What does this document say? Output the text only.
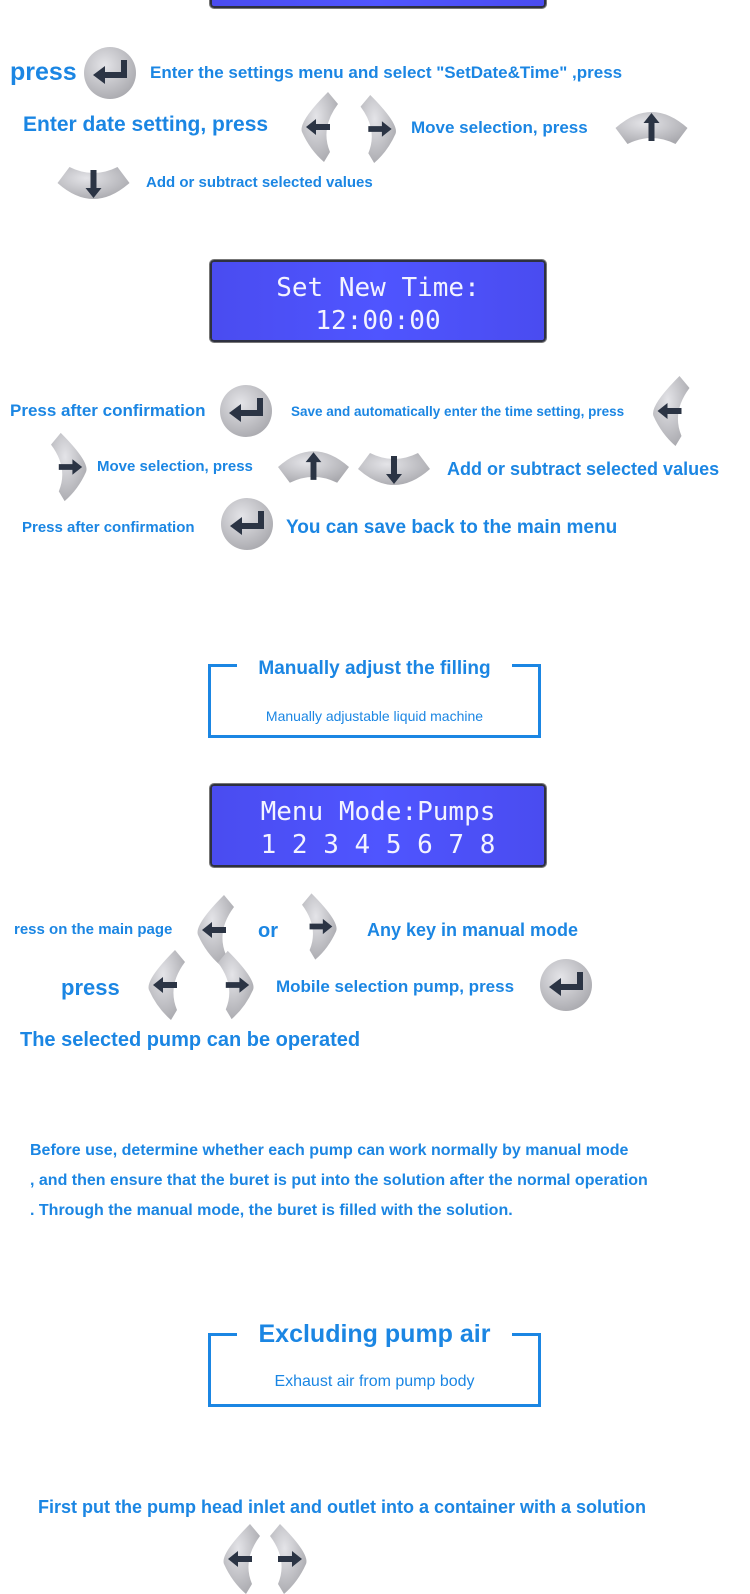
press	Enter the settings menu and select "SetDate&Time" ,press
Enter date setting, press	Move selection, press
Add or subtract selected values
Set New Time:
12:00:00
Press after confirmation	Save and automatically enter the time setting, press
Move selection, press	Add or subtract selected values
Press after confirmation	You can save back to the main menu
Manually adjust the filling
Manually adjustable liquid machine
Menu Mode:Pumps
1 2 3 4 5 6 7 8
ress on the main page	or	Any key in manual mode
press	Mobile selection pump, press
The selected pump can be operated
Before use, determine whether each pump can work normally by manual mode
, and then ensure that the buret is put into the solution after the normal operation
. Through the manual mode, the buret is filled with the solution.
Excluding pump air
Exhaust air from pump body
First put the pump head inlet and outlet into a container with a solution
